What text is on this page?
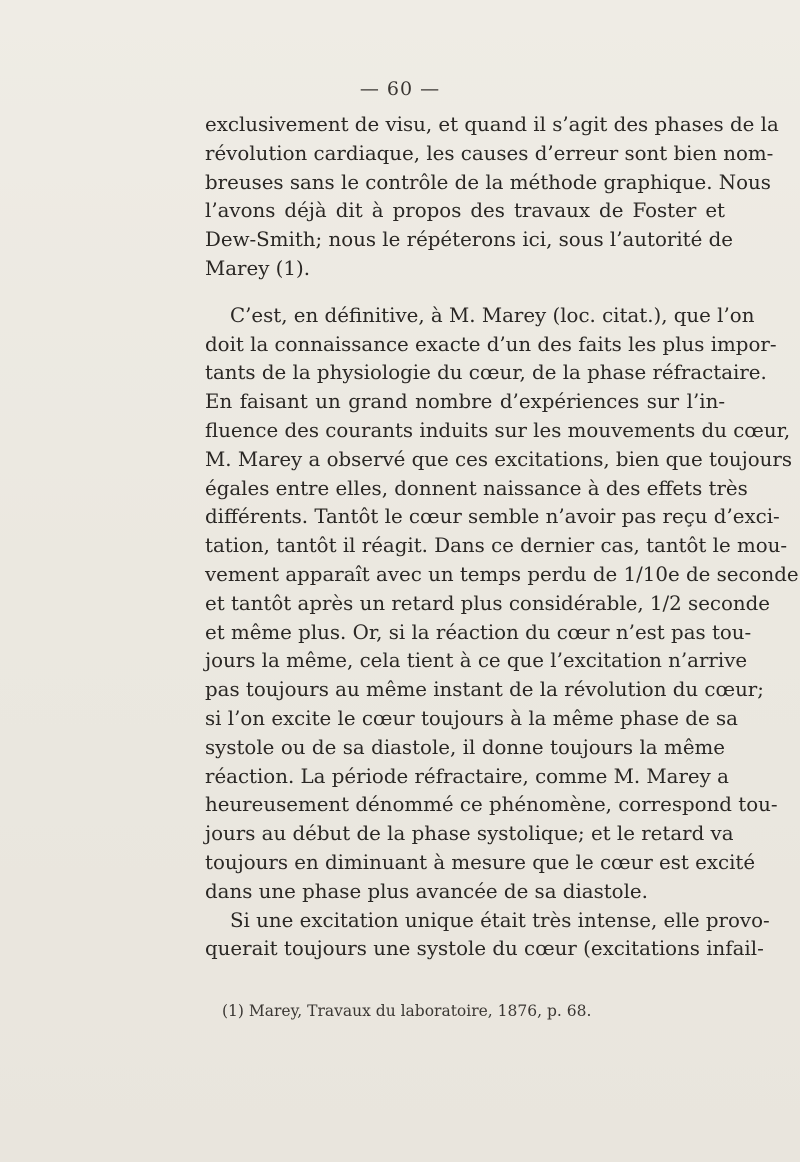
— 60 —
exclusivement de visu, et quand il s’agit des phases de la
révolution cardiaque, les causes d’erreur sont bien nom-
breuses sans le contrôle de la méthode graphique. Nous
l’avons déjà dit à propos des travaux de Foster et
Dew-Smith; nous le répéterons ici, sous l’autorité de
Marey (1).
C’est, en définitive, à M. Marey (loc. citat.), que l’on
doit la connaissance exacte d’un des faits les plus impor-
tants de la physiologie du cœur, de la phase réfractaire.
En faisant un grand nombre d’expériences sur l’in-
fluence des courants induits sur les mouvements du cœur,
M. Marey a observé que ces excitations, bien que toujours
égales entre elles, donnent naissance à des effets très
différents. Tantôt le cœur semble n’avoir pas reçu d’exci-
tation, tantôt il réagit. Dans ce dernier cas, tantôt le mou-
vement apparaît avec un temps perdu de 1/10e de seconde
et tantôt après un retard plus considérable, 1/2 seconde
et même plus. Or, si la réaction du cœur n’est pas tou-
jours la même, cela tient à ce que l’excitation n’arrive
pas toujours au même instant de la révolution du cœur;
si l’on excite le cœur toujours à la même phase de sa
systole ou de sa diastole, il donne toujours la même
réaction. La période réfractaire, comme M. Marey a
heureusement dénommé ce phénomène, correspond tou-
jours au début de la phase systolique; et le retard va
toujours en diminuant à mesure que le cœur est excité
dans une phase plus avancée de sa diastole.
Si une excitation unique était très intense, elle provo-
querait toujours une systole du cœur (excitations infail-
(1) Marey, Travaux du laboratoire, 1876, p. 68.
